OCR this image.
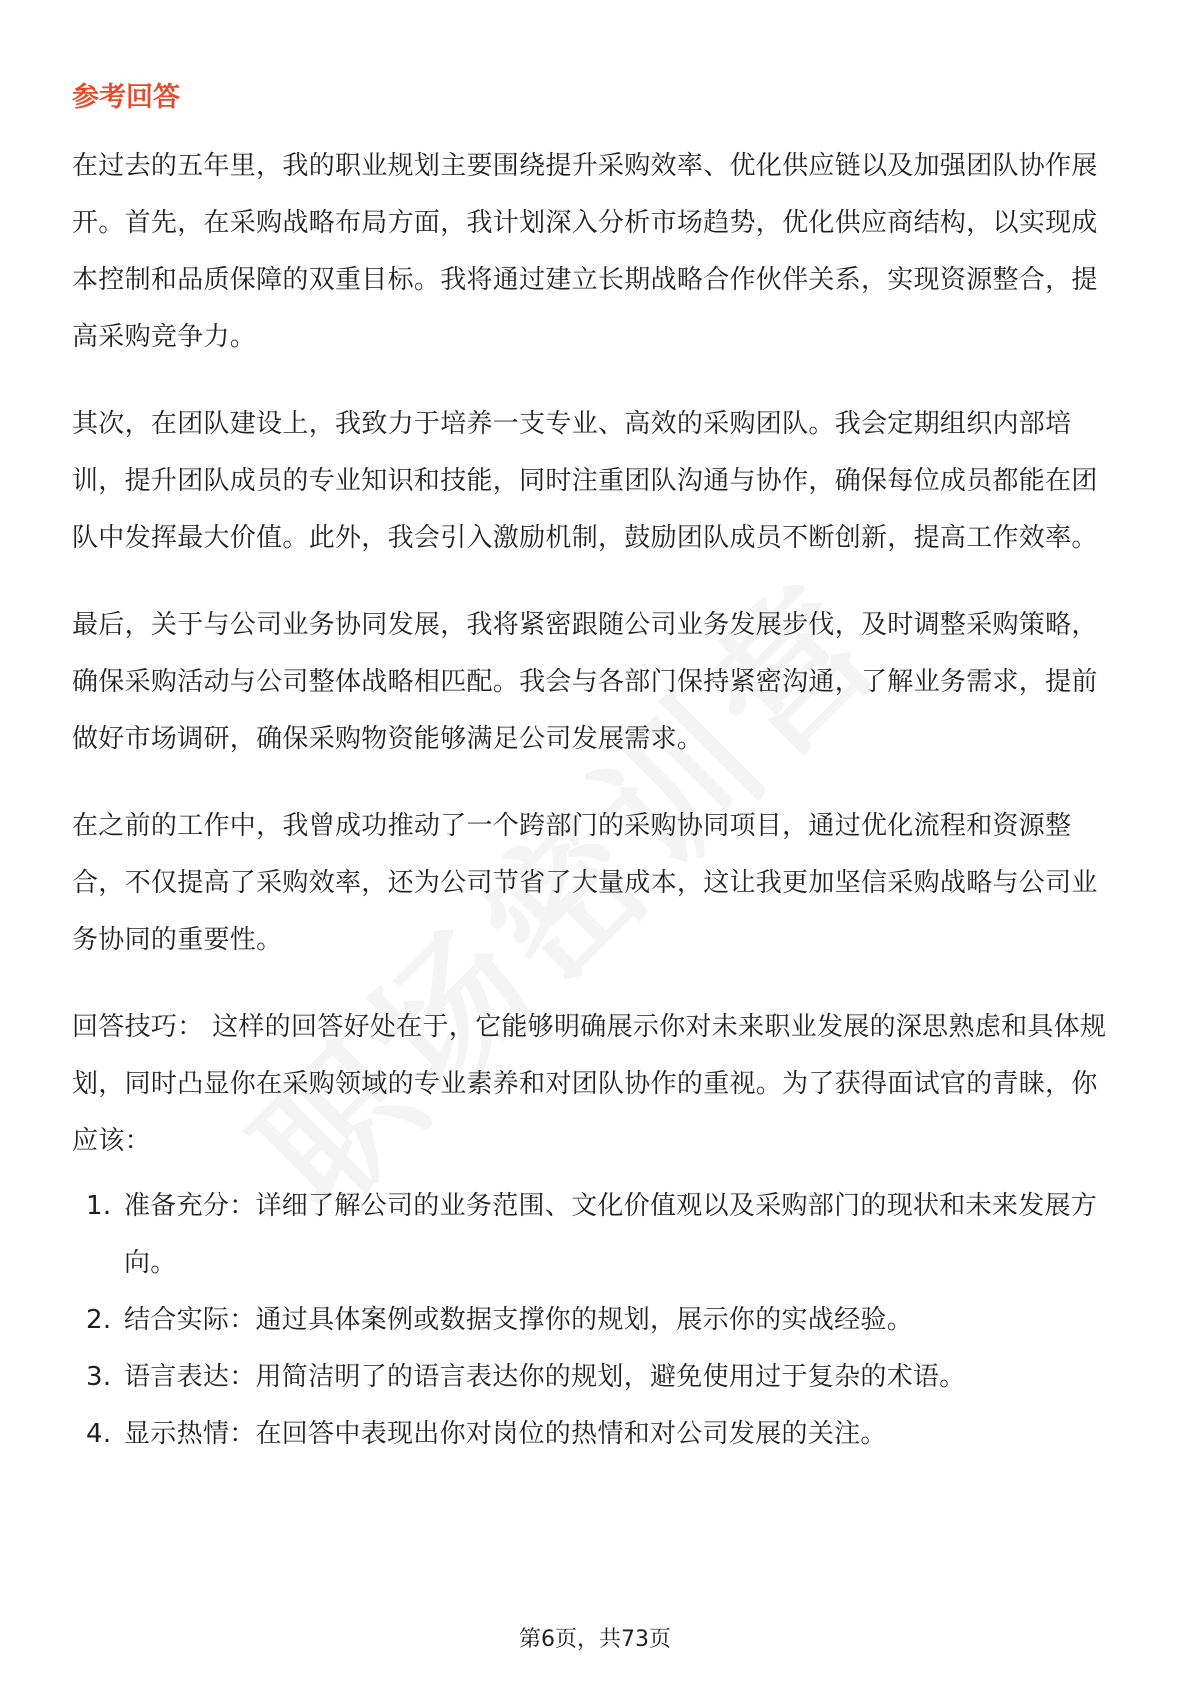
参考回答

在过去的五年里，我的职业规划主要围绕提升采购效率、优化供应链以及加强团队协作展开。首先，在采购战略布局方面，我计划深入分析市场趋势，优化供应商结构，以实现成本控制和品质保障的双重目标。我将通过建立长期战略合作伙伴关系，实现资源整合，提高采购竞争力。

其次，在团队建设上，我致力于培养一支专业、高效的采购团队。我会定期组织内部培训，提升团队成员的专业知识和技能，同时注重团队沟通与协作，确保每位成员都能在团队中发挥最大价值。此外，我会引入激励机制，鼓励团队成员不断创新，提高工作效率。

最后，关于与公司业务协同发展，我将紧密跟随公司业务发展步伐，及时调整采购策略，确保采购活动与公司整体战略相匹配。我会与各部门保持紧密沟通，了解业务需求，提前做好市场调研，确保采购物资能够满足公司发展需求。

在之前的工作中，我曾成功推动了一个跨部门的采购协同项目，通过优化流程和资源整合，不仅提高了采购效率，还为公司节省了大量成本，这让我更加坚信采购战略与公司业务协同的重要性。

回答技巧： 这样的回答好处在于，它能够明确展示你对未来职业发展的深思熟虑和具体规划，同时凸显你在采购领域的专业素养和对团队协作的重视。为了获得面试官的青睐，你应该：

1. 准备充分：详细了解公司的业务范围、文化价值观以及采购部门的现状和未来发展方向。
2. 结合实际：通过具体案例或数据支撑你的规划，展示你的实战经验。
3. 语言表达：用简洁明了的语言表达你的规划，避免使用过于复杂的术语。
4. 显示热情：在回答中表现出你对岗位的热情和对公司发展的关注。
第6页，共73页
